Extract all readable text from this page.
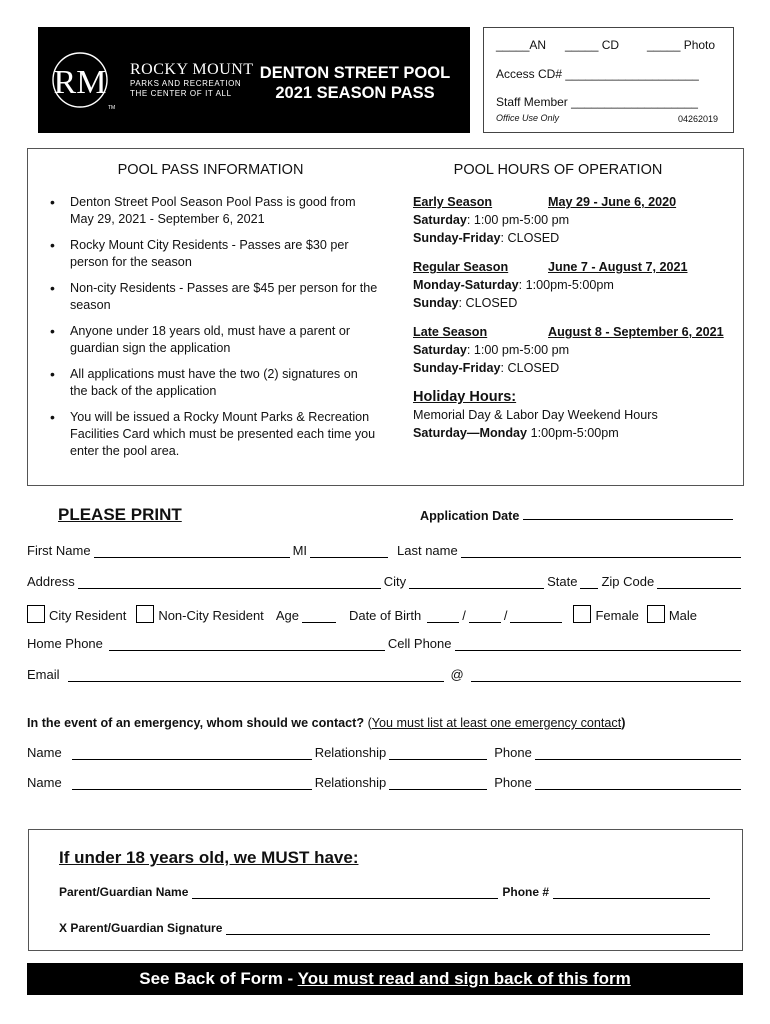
RM
TM
ROCKY MOUNT
PARKS AND RECREATION
THE CENTER OF IT ALL
DENTON STREET POOL
2021 SEASON PASS
_____AN _____ CD _____ Photo
Access CD# ____________________
Staff Member ___________________
Office Use Only	04262019
POOL PASS INFORMATION
• Denton Street Pool Season Pool Pass is good from May 29, 2021 - September 6, 2021
• Rocky Mount City Residents - Passes are $30 per person for the season
• Non-city Residents - Passes are $45 per person for the season
• Anyone under 18 years old, must have a parent or guardian sign the application
• All applications must have the two (2) signatures on the back of the application
• You will be issued a Rocky Mount Parks & Recreation Facilities Card which must be presented each time you enter the pool area.
POOL HOURS OF OPERATION
Early Season	May 29 - June 6, 2020
Saturday: 1:00 pm-5:00 pm
Sunday-Friday: CLOSED
Regular Season	June 7 - August 7, 2021
Monday-Saturday: 1:00pm-5:00pm
Sunday: CLOSED
Late Season	August 8 - September 6, 2021
Saturday: 1:00 pm-5:00 pm
Sunday-Friday: CLOSED
Holiday Hours:
Memorial Day & Labor Day Weekend Hours
Saturday—Monday 1:00pm-5:00pm
PLEASE PRINT	Application Date
First Name	MI	Last name
Address	City	State Zip Code
City Resident Non-City Resident Age	Date of Birth	/	/	Female Male
Home Phone	Cell Phone
Email	@
In the event of an emergency, whom should we contact? (You must list at least one emergency contact)
Name	Relationship	Phone
Name	Relationship	Phone
If under 18 years old, we MUST have:
Parent/Guardian Name	Phone #
X Parent/Guardian Signature
See Back of Form - You must read and sign back of this form
